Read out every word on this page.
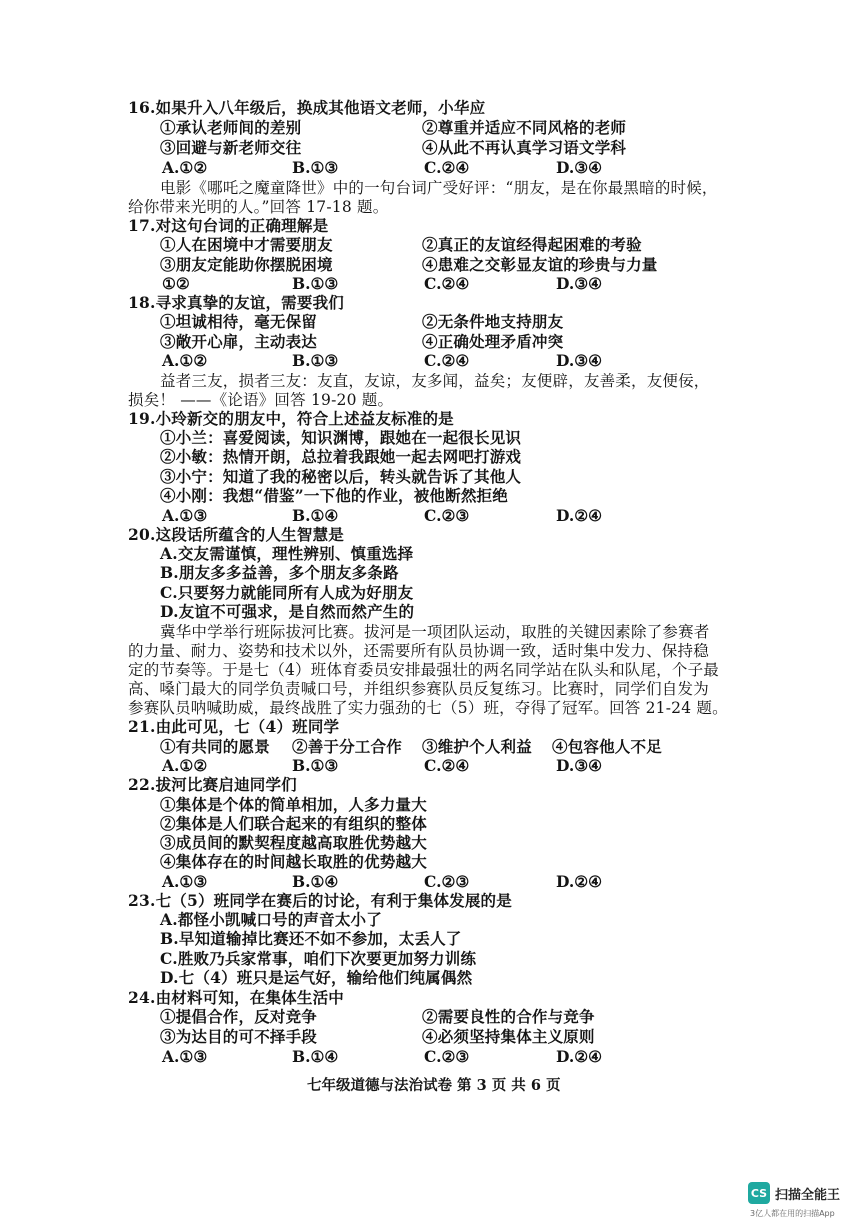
16.如果升入八年级后，换成其他语文老师，小华应
①承认老师间的差别	②尊重并适应不同风格的老师
③回避与新老师交往	④从此不再认真学习语文学科
A.①②	B.①③	C.②④	D.③④
电影《哪吒之魔童降世》中的一句台词广受好评：“朋友，是在你最黑暗的时候，
给你带来光明的人。”回答 17-18 题。
17.对这句台词的正确理解是
①人在困境中才需要朋友	②真正的友谊经得起困难的考验
③朋友定能助你摆脱困境	④患难之交彰显友谊的珍贵与力量
①②	B.①③	C.②④	D.③④
18.寻求真挚的友谊，需要我们
①坦诚相待，毫无保留	②无条件地支持朋友
③敞开心扉，主动表达	④正确处理矛盾冲突
A.①②	B.①③	C.②④	D.③④
益者三友，损者三友：友直，友谅，友多闻，益矣；友便辟，友善柔，友便佞，
损矣！ ——《论语》回答 19-20 题。
19.小玲新交的朋友中，符合上述益友标准的是
①小兰：喜爱阅读，知识渊博，跟她在一起很长见识
②小敏：热情开朗，总拉着我跟她一起去网吧打游戏
③小宁：知道了我的秘密以后，转头就告诉了其他人
④小刚：我想“借鉴”一下他的作业，被他断然拒绝
A.①③	B.①④	C.②③	D.②④
20.这段话所蕴含的人生智慧是
A.交友需谨慎，理性辨别、慎重选择
B.朋友多多益善，多个朋友多条路
C.只要努力就能同所有人成为好朋友
D.友谊不可强求，是自然而然产生的
冀华中学举行班际拔河比赛。拔河是一项团队运动，取胜的关键因素除了参赛者
的力量、耐力、姿势和技术以外，还需要所有队员协调一致，适时集中发力、保持稳
定的节奏等。于是七（4）班体育委员安排最强壮的两名同学站在队头和队尾，个子最
高、嗓门最大的同学负责喊口号，并组织参赛队员反复练习。比赛时，同学们自发为
参赛队员呐喊助威，最终战胜了实力强劲的七（5）班，夺得了冠军。回答 21-24 题。
21.由此可见，七（4）班同学
①有共同的愿景 ②善于分工合作 ③维护个人利益 ④包容他人不足
A.①②	B.①③	C.②④	D.③④
22.拔河比赛启迪同学们
①集体是个体的简单相加，人多力量大
②集体是人们联合起来的有组织的整体
③成员间的默契程度越高取胜优势越大
④集体存在的时间越长取胜的优势越大
A.①③	B.①④	C.②③	D.②④
23.七（5）班同学在赛后的讨论，有利于集体发展的是
A.都怪小凯喊口号的声音太小了
B.早知道输掉比赛还不如不参加，太丢人了
C.胜败乃兵家常事，咱们下次要更加努力训练
D.七（4）班只是运气好，输给他们纯属偶然
24.由材料可知，在集体生活中
①提倡合作，反对竞争	②需要良性的合作与竞争
③为达目的可不择手段	④必须坚持集体主义原则
A.①③	B.①④	C.②③	D.②④
七年级道德与法治试卷 第 3 页 共 6 页
CS 扫描全能王
3亿人都在用的扫描App
